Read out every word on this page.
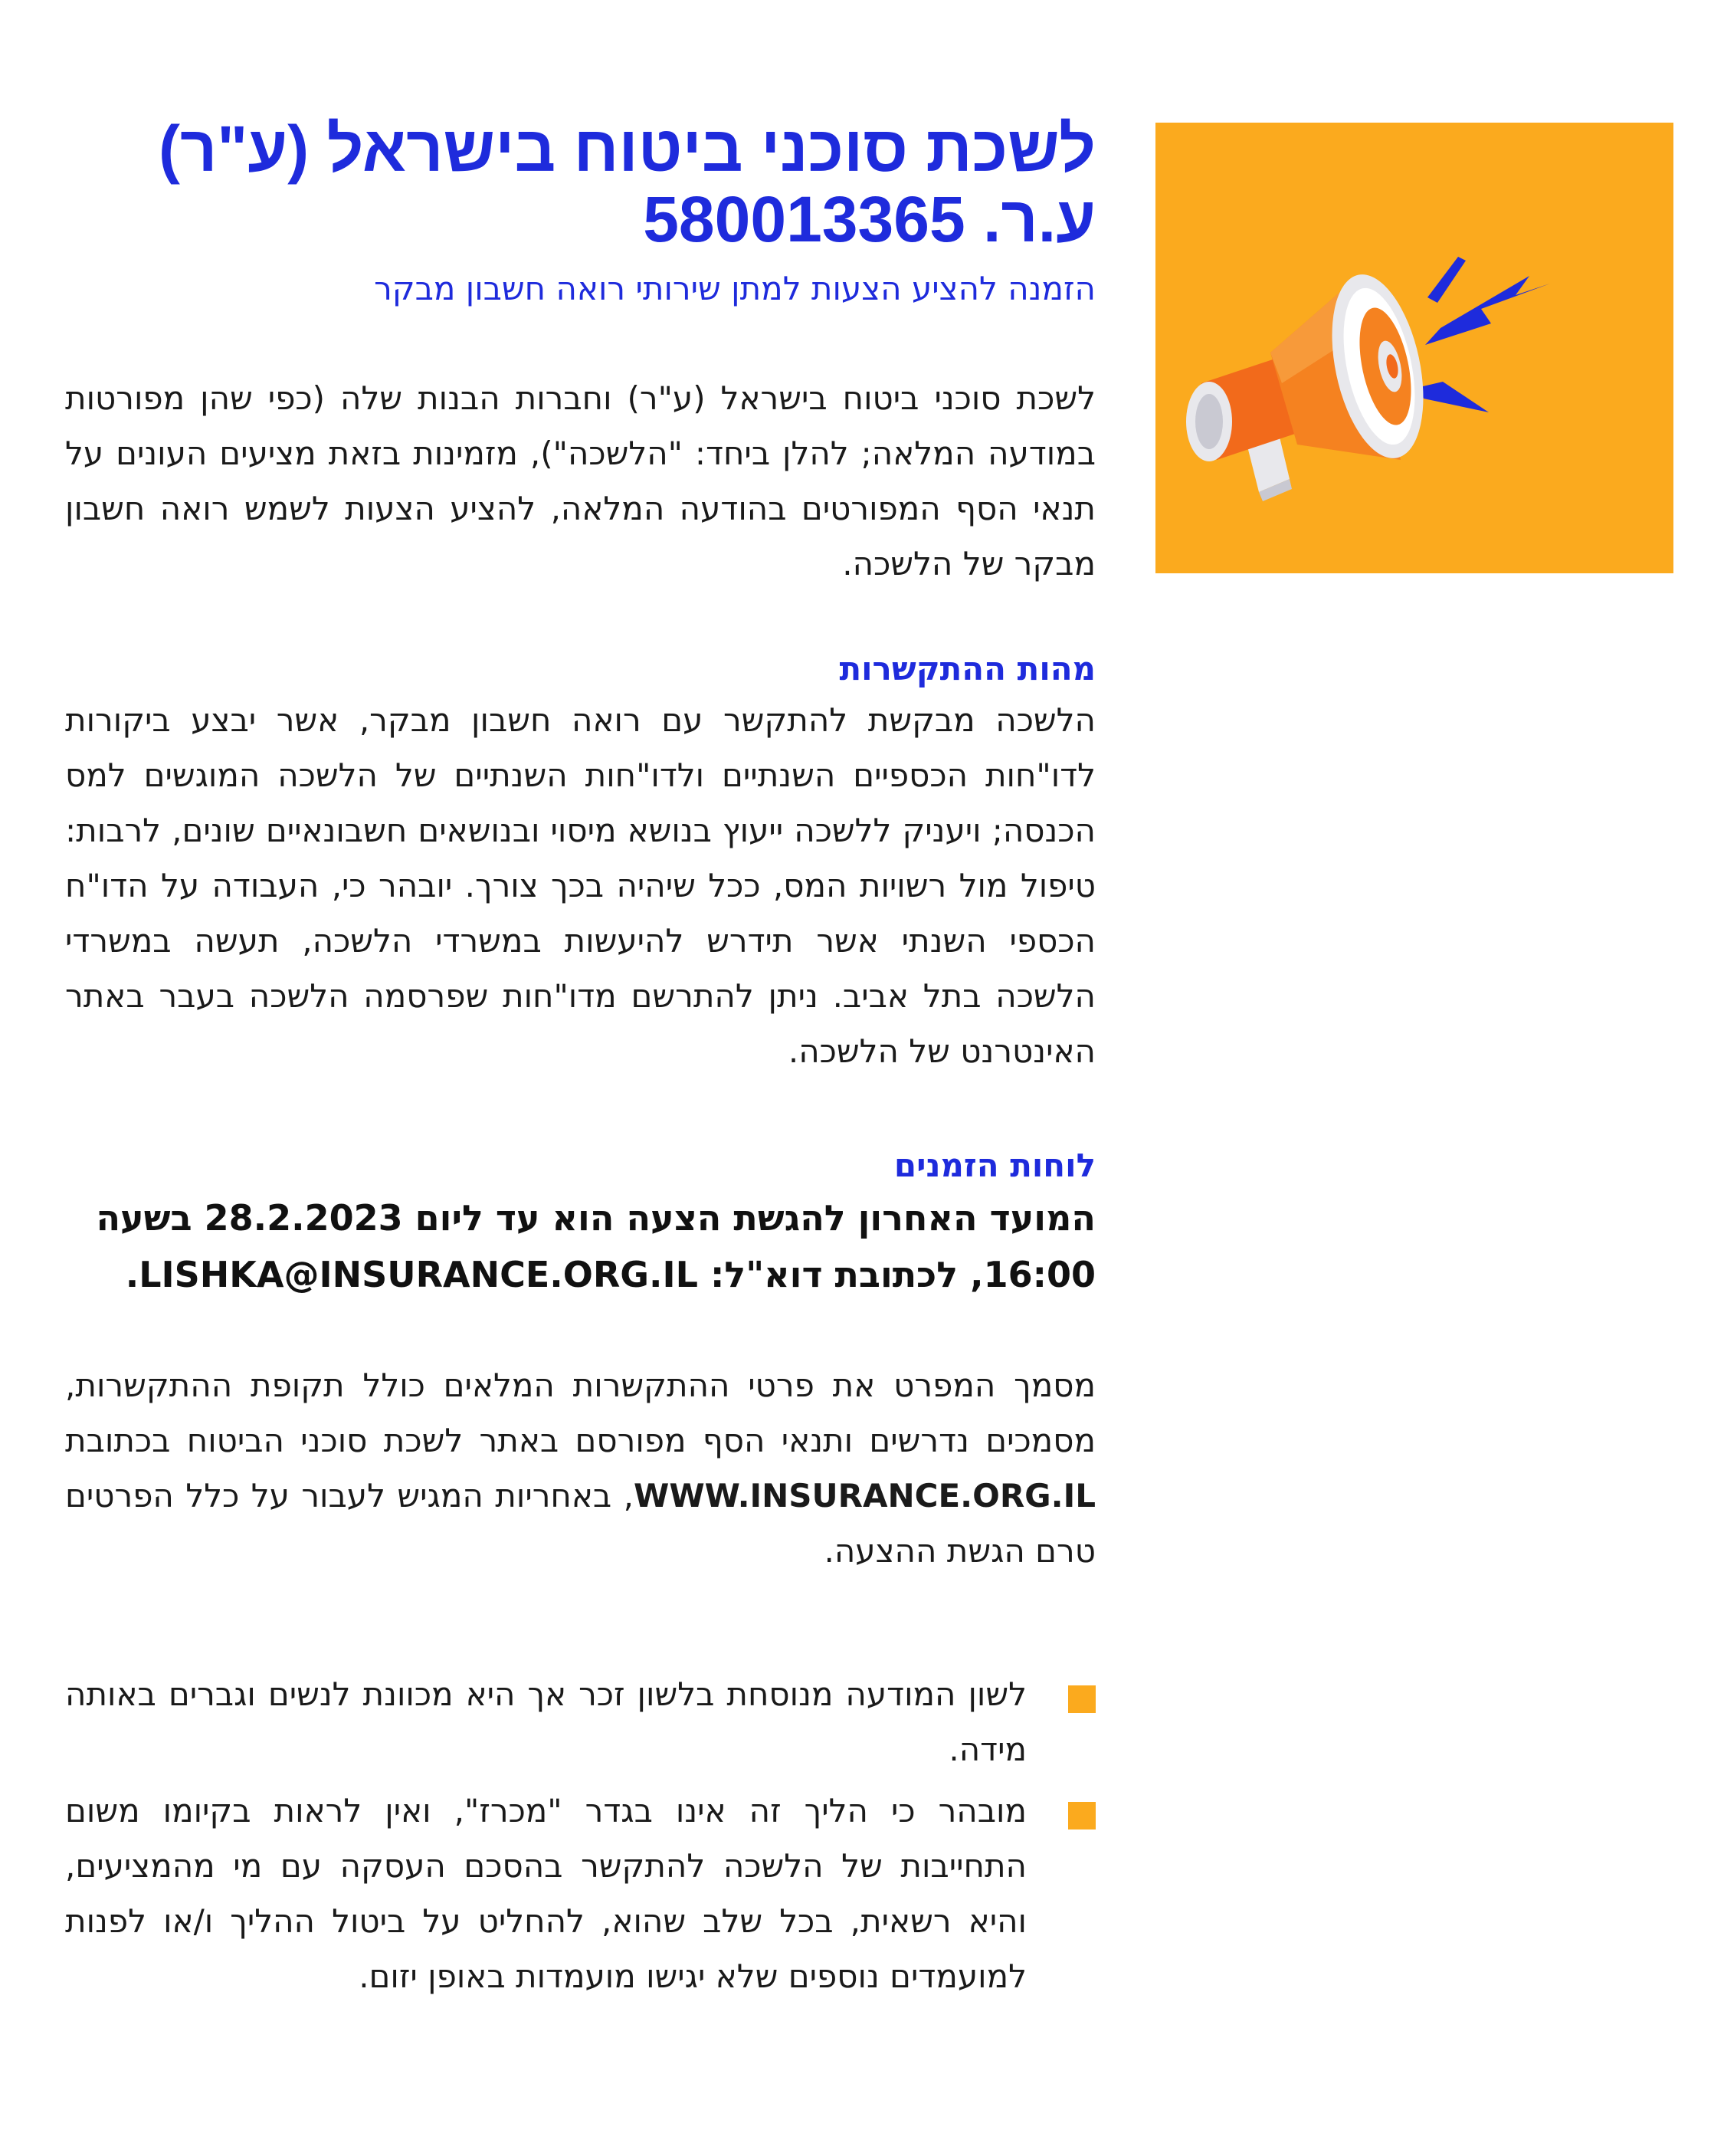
לשכת סוכני ביטוח בישראל (ע"ר)
ע.ר. 580013365

הזמנה להציע הצעות למתן שירותי רואה חשבון מבקר

לשכת סוכני ביטוח בישראל (ע"ר) וחברות הבנות שלה (כפי שהן מפורטות במודעה המלאה; להלן ביחד: "הלשכה"), מזמינות בזאת מציעים העונים על תנאי הסף המפורטים בהודעה המלאה, להציע הצעות לשמש רואה חשבון מבקר של הלשכה.

מהות ההתקשרות

הלשכה מבקשת להתקשר עם רואה חשבון מבקר, אשר יבצע ביקורות לדו"חות הכספיים השנתיים ולדו"חות השנתיים של הלשכה המוגשים למס הכנסה; ויעניק ללשכה ייעוץ בנושא מיסוי ובנושאים חשבונאיים שונים, לרבות: טיפול מול רשויות המס, ככל שיהיה בכך צורך. יובהר כי, העבודה על הדו"ח הכספי השנתי אשר תידרש להיעשות במשרדי הלשכה, תעשה במשרדי הלשכה בתל אביב. ניתן להתרשם מדו"חות שפרסמה הלשכה בעבר באתר האינטרנט של הלשכה.

לוחות הזמנים

המועד האחרון להגשת הצעה הוא עד ליום 28.2.2023 בשעה 16:00, לכתובת דוא"ל: LISHKA@INSURANCE.ORG.IL.

מסמך המפרט את פרטי ההתקשרות המלאים כולל תקופת ההתקשרות, מסמכים נדרשים ותנאי הסף מפורסם באתר לשכת סוכני הביטוח בכתובת WWW.INSURANCE.ORG.IL, באחריות המגיש לעבור על כלל הפרטים טרם הגשת ההצעה.

לשון המודעה מנוסחת בלשון זכר אך היא מכוונת לנשים וגברים באותה מידה.
מובהר כי הליך זה אינו בגדר "מכרז", ואין לראות בקיומו משום התחייבות של הלשכה להתקשר בהסכם העסקה עם מי מהמציעים, והיא רשאית, בכל שלב שהוא, להחליט על ביטול ההליך ו/או לפנות למועמדים נוספים שלא יגישו מועמדות באופן יזום.
